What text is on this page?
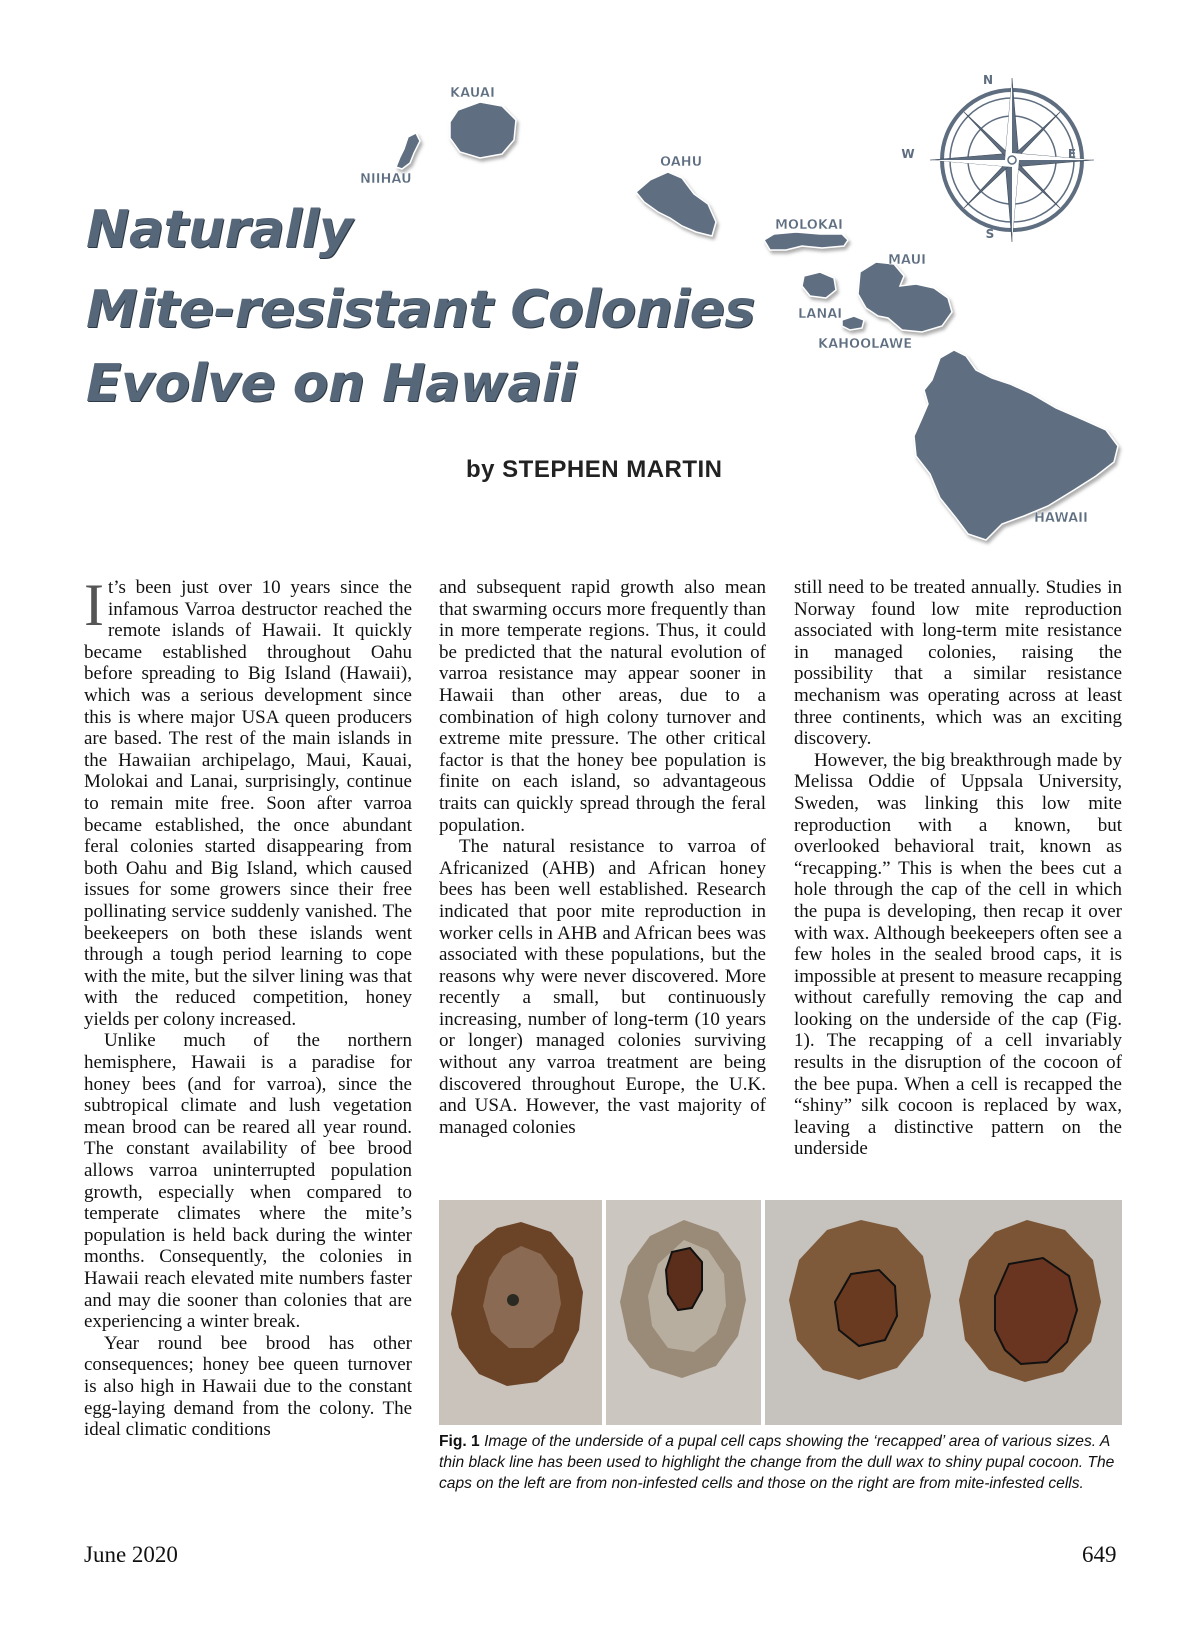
KAUAI
NIIHAU
OAHU
MOLOKAI
MAUI
LANAI
KAHOOLAWE
HAWAII
N
E
S
W
Naturally
Mite-resistant Colonies
Evolve on Hawaii
by STEPHEN MARTIN

It’s been just over 10 years since the infamous Varroa destructor reached the remote islands of Hawaii. It quickly became established throughout Oahu before spreading to Big Island (Hawaii), which was a serious development since this is where major USA queen producers are based. The rest of the main islands in the Hawaiian archipelago, Maui, Kauai, Molokai and Lanai, surprisingly, continue to remain mite free. Soon after varroa became established, the once abundant feral colonies started disappearing from both Oahu and Big Island, which caused issues for some growers since their free pollinating service suddenly vanished. The beekeepers on both these islands went through a tough period learning to cope with the mite, but the silver lining was that with the reduced competition, honey yields per colony increased.

Unlike much of the northern hemisphere, Hawaii is a paradise for honey bees (and for varroa), since the subtropical climate and lush vegetation mean brood can be reared all year round. The constant availability of bee brood allows varroa uninterrupted population growth, especially when compared to temperate climates where the mite’s population is held back during the winter months. Consequently, the colonies in Hawaii reach elevated mite numbers faster and may die sooner than colonies that are experiencing a winter break.

Year round bee brood has other consequences; honey bee queen turnover is also high in Hawaii due to the constant egg-laying demand from the colony. The ideal climatic conditions

and subsequent rapid growth also mean that swarming occurs more frequently than in more temperate regions. Thus, it could be predicted that the natural evolution of varroa resistance may appear sooner in Hawaii than other areas, due to a combination of high colony turnover and extreme mite pressure. The other critical factor is that the honey bee population is finite on each island, so advantageous traits can quickly spread through the feral population.

The natural resistance to varroa of Africanized (AHB) and African honey bees has been well established. Research indicated that poor mite reproduction in worker cells in AHB and African bees was associated with these populations, but the reasons why were never discovered. More recently a small, but continuously increasing, number of long-term (10 years or longer) managed colonies surviving without any varroa treatment are being discovered throughout Europe, the U.K. and USA. However, the vast majority of managed colonies

still need to be treated annually. Studies in Norway found low mite reproduction associated with long-term mite resistance in managed colonies, raising the possibility that a similar resistance mechanism was operating across at least three continents, which was an exciting discovery.

However, the big breakthrough made by Melissa Oddie of Uppsala University, Sweden, was linking this low mite reproduction with a known, but overlooked behavioral trait, known as “recapping.” This is when the bees cut a hole through the cap of the cell in which the pupa is developing, then recap it over with wax. Although beekeepers often see a few holes in the sealed brood caps, it is impossible at present to measure recapping without carefully removing the cap and looking on the underside of the cap (Fig. 1). The recapping of a cell invariably results in the disruption of the cocoon of the bee pupa. When a cell is recapped the “shiny” silk cocoon is replaced by wax, leaving a distinctive pattern on the underside

Fig. 1 Image of the underside of a pupal cell caps showing the ‘recapped’ area of various sizes. A thin black line has been used to highlight the change from the dull wax to shiny pupal cocoon. The caps on the left are from non-infested cells and those on the right are from mite-infested cells.
June 2020	649
